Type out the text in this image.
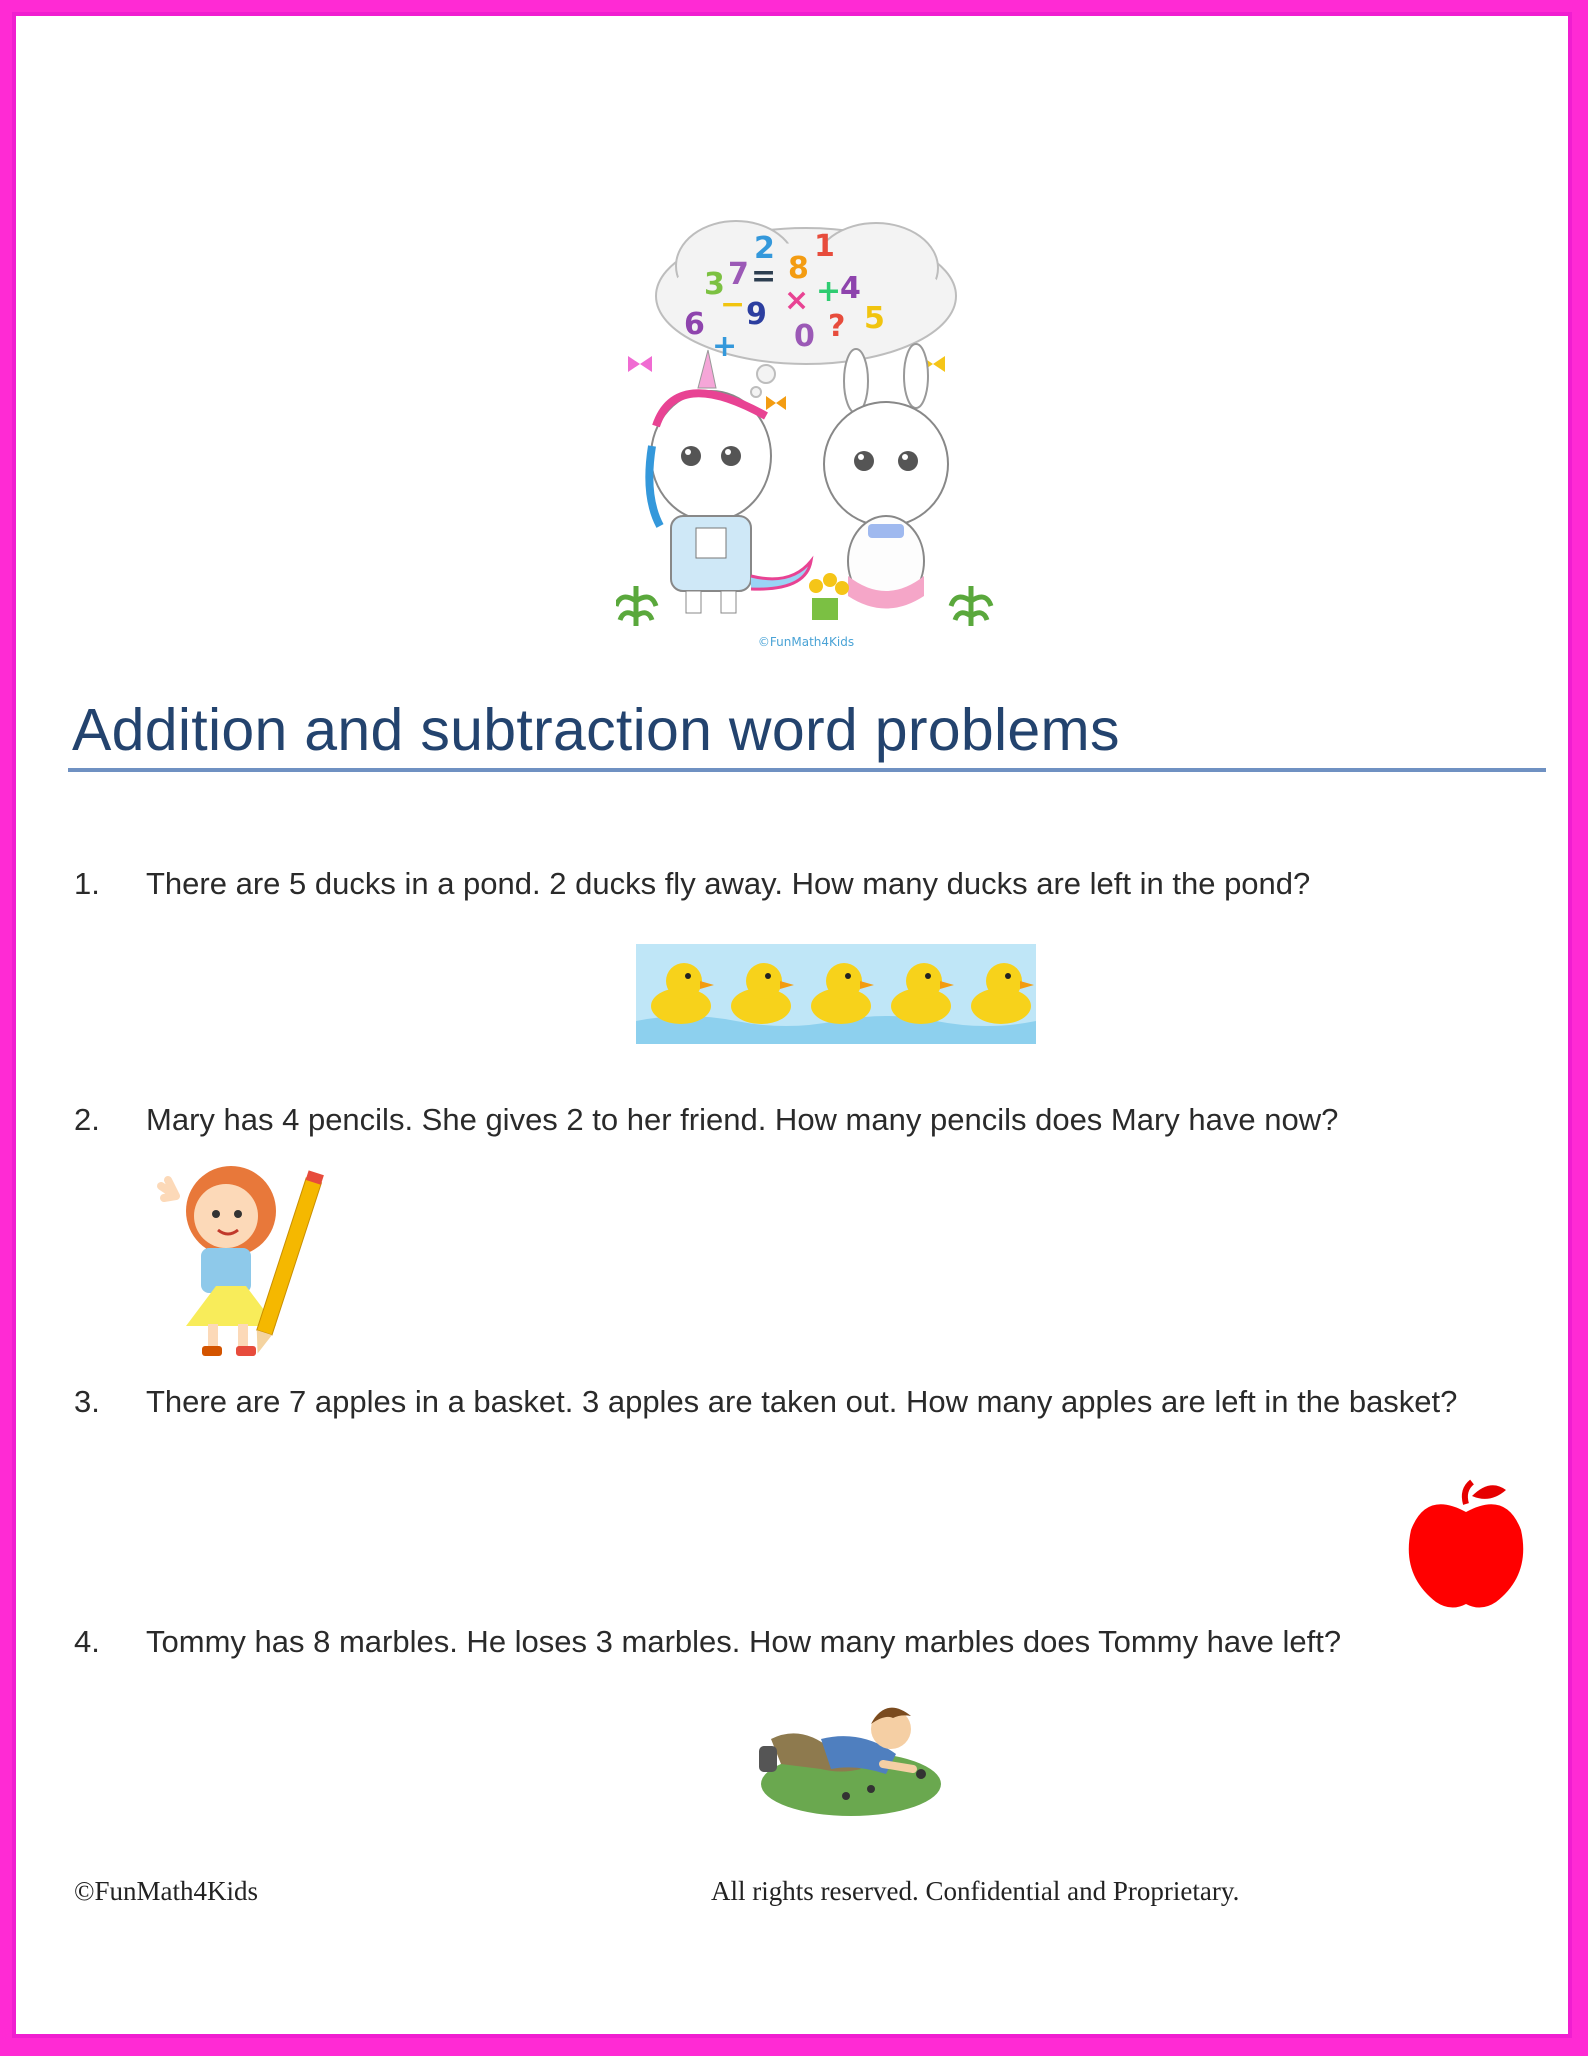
3 7
2
= 8
1
+
4
6
− 9 ×
0 ? 5
+
©FunMath4Kids
Addition and subtraction word problems
1.	There are 5 ducks in a pond. 2 ducks fly away. How many ducks are left in the pond?
2.	Mary has 4 pencils. She gives 2 to her friend. How many pencils does Mary have now?
3.	There are 7 apples in a basket. 3 apples are taken out. How many apples are left in the basket?
4.	Tommy has 8 marbles. He loses 3 marbles. How many marbles does Tommy have left?
©FunMath4Kids	All rights reserved. Confidential and Proprietary.
